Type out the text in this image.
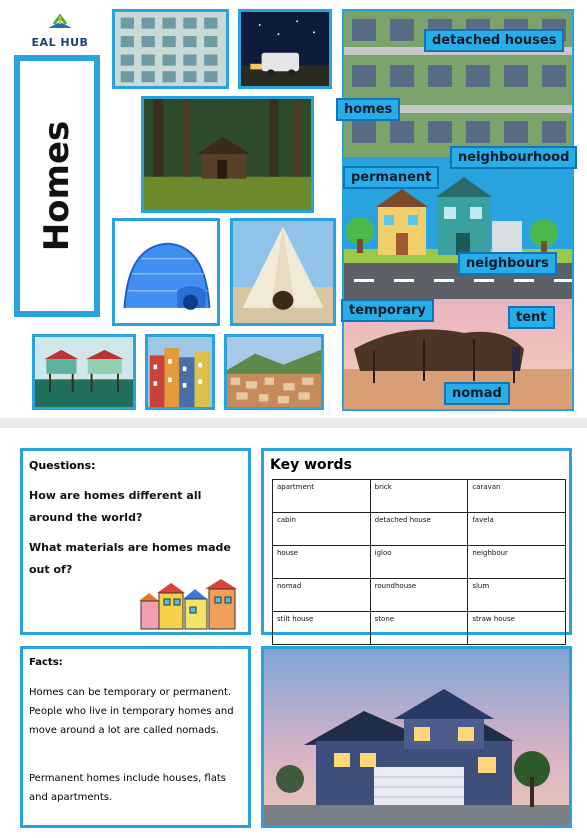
EAL HUB
Homes
detached houses
homes
neighbourhood
permanent
neighbours
temporary	tent
nomad
Questions:
How are homes different all around the world?
What materials are homes made out of?
Key words
apartment	brick	caravan
cabin	detached house	favela
house	igloo	neighbour
nomad	roundhouse	slum
stilt house	stone	straw house
Facts:
Homes can be temporary or permanent. People who live in temporary homes and move around a lot are called nomads.
Permanent homes include houses, flats and apartments.
